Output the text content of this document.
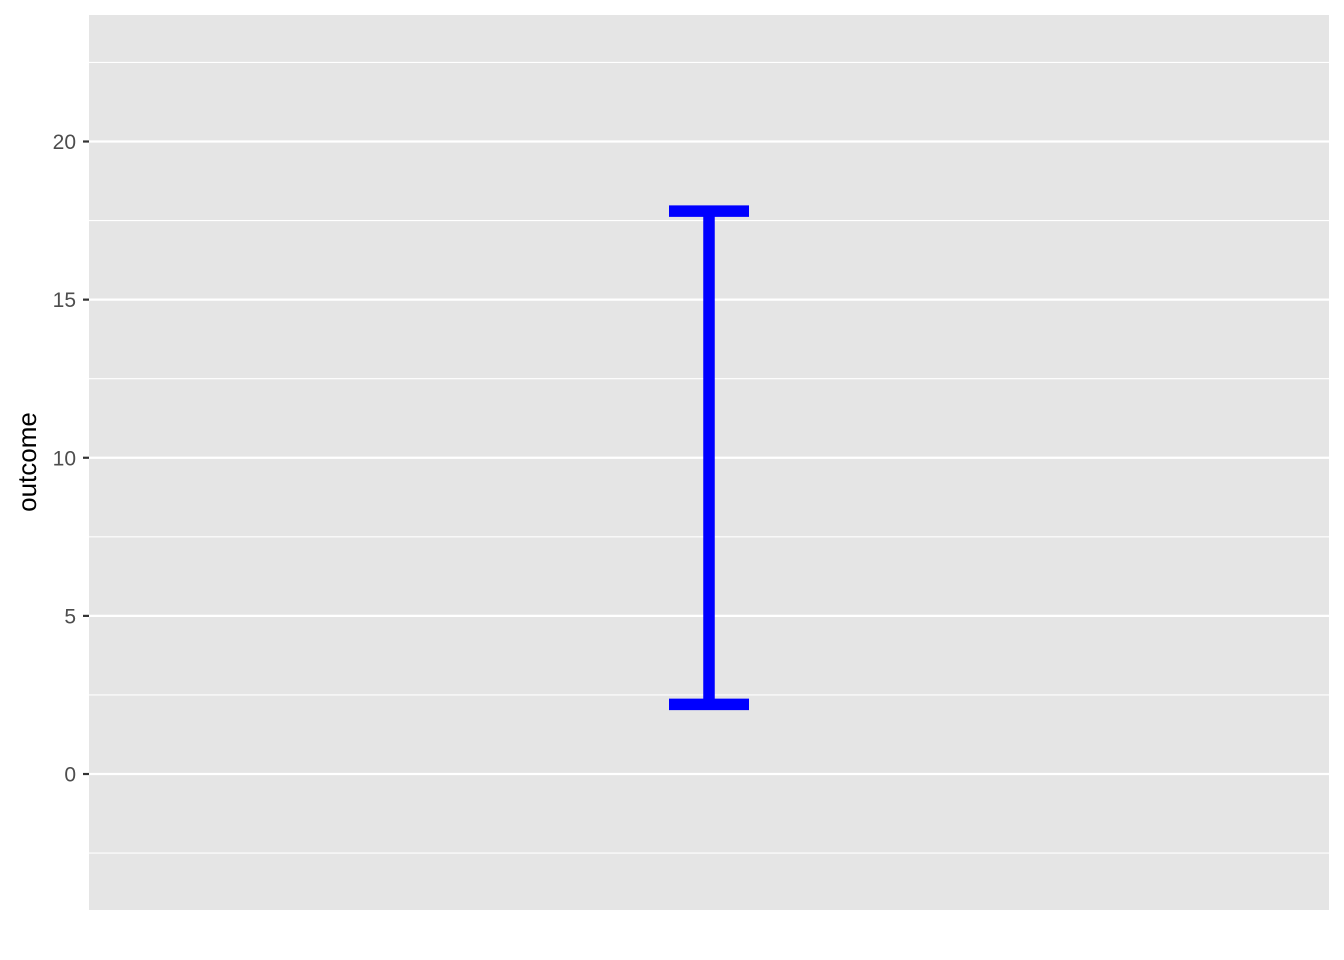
0
5
10
15
20
outcome
